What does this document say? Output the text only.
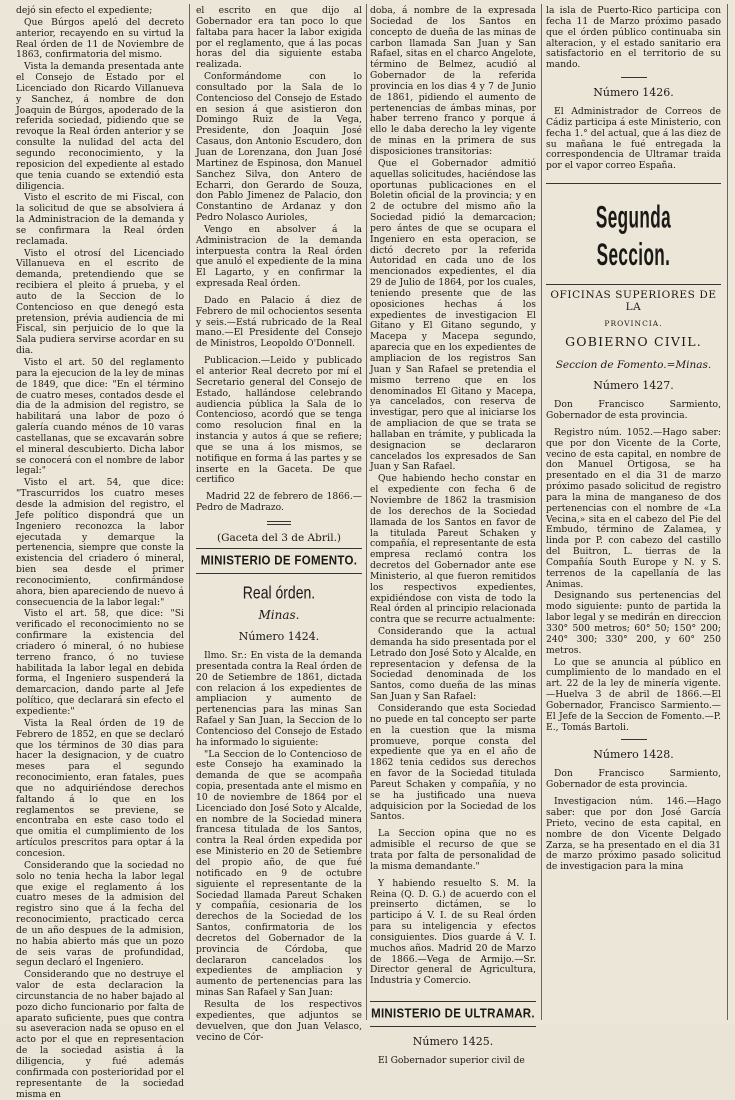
dejó sin efecto el expediente;

Que Búrgos apeló del decreto anterior, recayendo en su virtud la Real órden de 11 de Noviembre de 1863, confirmatoria del mismo.

Vista la demanda presentada ante el Consejo de Estado por el Licenciado don Ricardo Villanueva y Sanchez, á nombre de don Joaquin de Búrgos, apoderado de la referida sociedad, pidiendo que se revoque la Real órden anterior y se consulte la nulidad del acta del segundo reconocimiento, y la reposicion del expediente al estado que tenia cuando se extendió esta diligencia.

Visto el escrito de mi Fiscal, con la solicitud de que se absolviera á la Administracion de la demanda y se confirmara la Real órden reclamada.

Visto el otrosí del Licenciado Villanueva en el escrito de demanda, pretendiendo que se recibiera el pleito á prueba, y el auto de la Seccion de lo Contencioso en que denegó esta pretension, prévia audiencia de mi Fiscal, sin perjuicio de lo que la Sala pudiera servirse acordar en su dia.

Visto el art. 50 del reglamento para la ejecucion de la ley de minas de 1849, que dice: "En el término de cuatro meses, contados desde el dia de la admision del registro, se habilitará una labor de pozo ó galería cuando ménos de 10 varas castellanas, que se excavarán sobre el mineral descubierto. Dicha labor se conocerá con el nombre de labor legal:"

Visto el art. 54, que dice: "Trascurridos los cuatro meses desde la admision del registro, el Jefe político dispondrá que un Ingeniero reconozca la labor ejecutada y demarque la pertenencia, siempre que conste la existencia del criadero ó mineral, bien sea desde el primer reconocimiento, confirmándose ahora, bien apareciendo de nuevo á consecuencia de la labor legal:"

Visto el art. 58, que dice: "Si verificado el reconocimiento no se confirmare la existencia del criadero ó mineral, ó no hubiese terreno franco, ó no tuviese habilitada la labor legal en debida forma, el Ingeniero suspenderá la demarcacion, dando parte al Jefe político, que declarará sin efecto el expediente:"

Vista la Real órden de 19 de Febrero de 1852, en que se declaró que los términos de 30 dias para hacer la designacion, y de cuatro meses para el segundo reconocimiento, eran fatales, pues que no adquiriéndose derechos faltando á lo que en los reglamentos se previene, se encontraba en este caso todo el que omitia el cumplimiento de los artículos prescritos para optar á la concesion.

Considerando que la sociedad no solo no tenia hecha la labor legal que exige el reglamento á los cuatro meses de la admision del registro sino que á la fecha del reconocimiento, practicado cerca de un año despues de la admision, no habia abierto más que un pozo de seis varas de profundidad, segun declaró el Ingeniero.

Considerando que no destruye el valor de esta declaracion la circunstancia de no haber bajado al pozo dicho funcionario por falta de aparato suficiente, pues que contra su aseveracion nada se opuso en el acto por el que en representacion de la sociedad asistia á la diligencia, y fué además confirmada con posterioridad por el representante de la sociedad misma en

el escrito en que dijo al Gobernador era tan poco lo que faltaba para hacer la labor exigida por el reglamento, que á las pocas horas del dia siguiente estaba realizada.

Conformándome con lo consultado por la Sala de lo Contencioso del Consejo de Estado en sesion á que asistieron don Domingo Ruiz de la Vega, Presidente, don Joaquin José Casaus, don Antonio Escudero, don Juan de Lorenzana, don Juan José Martinez de Espinosa, don Manuel Sanchez Silva, don Antero de Echarri, don Gerardo de Souza, don Pablo Jimenez de Palacio, don Constantino de Ardanaz y don Pedro Nolasco Aurioles,

Vengo en absolver á la Administracion de la demanda interpuesta contra la Real órden que anuló el expediente de la mina El Lagarto, y en confirmar la expresada Real órden.

Dado en Palacio á diez de Febrero de mil ochocientos sesenta y seis.—Está rubricado de la Real mano.—El Presidente del Consejo de Ministros, Leopoldo O'Donnell.

Publicacion.—Leido y publicado el anterior Real decreto por mí el Secretario general del Consejo de Estado, hallándose celebrando audiencia pública la Sala de lo Contencioso, acordó que se tenga como resolucion final en la instancia y autos á que se refiere; que se una á los mismos, se notifique en forma á las partes y se inserte en la Gaceta. De que certifico

Madrid 22 de febrero de 1866.—Pedro de Madrazo.

(Gaceta del 3 de Abril.)
MINISTERIO DE FOMENTO.
Real órden.
Minas.
Número 1424.

Ilmo. Sr.: En vista de la demanda presentada contra la Real órden de 20 de Setiembre de 1861, dictada con relacion á los expedientes de ampliacion y aumento de pertenencias para las minas San Rafael y San Juan, la Seccion de lo Contencioso del Consejo de Estado ha informado lo siguiente:

"La Seccion de lo Contencioso de este Consejo ha examinado la demanda de que se acompaña copia, presentada ante el mismo en 10 de noviembre de 1864 por el Licenciado don José Soto y Alcalde, en nombre de la Sociedad minera francesa titulada de los Santos, contra la Real órden expedida por ese Ministerio en 20 de Setiembre del propio año, de que fué notificado en 9 de octubre siguiente el representante de la Sociedad llamada Pareut Schaken y compañía, cesionaria de los derechos de la Sociedad de los Santos, confirmatoria de los decretos del Gobernador de la provincia de Córdoba, que declararon cancelados los expedientes de ampliacion y aumento de pertenencias para las minas San Rafael y San Juan:

Resulta de los respectivos expedientes, que adjuntos se devuelven, que don Juan Velasco, vecino de Cór-

doba, á nombre de la expresada Sociedad de los Santos en concepto de dueña de las minas de carbon llamada San Juan y San Rafael, sitas en el charco Angelote, término de Belmez, acudió al Gobernador de la referida provincia en los dias 4 y 7 de Junio de 1861, pidiendo el aumento de pertenencias de ámbas minas, por haber terreno franco y porque á ello le daba derecho la ley vigente de minas en la primera de sus disposiciones transitorias:

Que el Gobernador admitió aquellas solicitudes, haciéndose las oportunas publicaciones en el Boletin oficial de la provincia; y en 2 de octubre del mismo año la Sociedad pidió la demarcacion; pero ántes de que se ocupara el Ingeniero en esta operacion, se dictó decreto por la referida Autoridad en cada uno de los mencionados expedientes, el dia 29 de Julio de 1864, por los cuales, teniendo presente que de las oposiciones hechas á los expedientes de investigacion El Gitano y El Gitano segundo, y Macepa y Macepa segundo, aparecia que en los expedientes de ampliacion de los registros San Juan y San Rafael se pretendia el mismo terreno que en los denominados El Gitano y Macepa, ya cancelados, con reserva de investigar, pero que al iniciarse los de ampliacion de que se trata se hallaban en trámite, y publicada la designacion se declararon cancelados los expresados de San Juan y San Rafael.

Que habiendo hecho constar en el expediente con fecha 6 de Noviembre de 1862 la trasmision de los derechos de la Sociedad llamada de los Santos en favor de la titulada Pareut Schaken y compañía, el representante de esta empresa reclamó contra los decretos del Gobernador ante ese Ministerio, al que fueron remitidos los respectivos expedientes, expidiéndose con vista de todo la Real órden al principio relacionada contra que se recurre actualmente:

Considerando que la actual demanda ha sido presentada por el Letrado don José Soto y Alcalde, en representacion y defensa de la Sociedad denominada de los Santos, como dueña de las minas San Juan y San Rafael:

Considerando que esta Sociedad no puede en tal concepto ser parte en la cuestion que la misma promueve, porque consta del expediente que ya en el año de 1862 tenia cedidos sus derechos en favor de la Sociedad titulada Pareut Schaken y compañía, y no se ha justificado una nueva adquisicion por la Sociedad de los Santos.

La Seccion opina que no es admisible el recurso de que se trata por falta de personalidad de la misma demandante."

Y habiendo resuelto S. M. la Reina (Q. D. G.) de acuerdo con el preinserto dictámen, se lo participo á V. I. de su Real órden para su inteligencia y efectos consiguientes. Dios guarde á V. I. muchos años. Madrid 20 de Marzo de 1866.—Vega de Armijo.—Sr. Director general de Agricultura, Industria y Comercio.

MINISTERIO DE ULTRAMAR.
Número 1425.

El Gobernador superior civil de

la isla de Puerto-Rico participa con fecha 11 de Marzo próximo pasado que el órden público continuaba sin alteracion, y el estado sanitario era satisfactorio en el territorio de su mando.

Número 1426.

El Administrador de Correos de Cádiz participa á este Ministerio, con fecha 1.° del actual, que á las diez de su mañana le fué entregada la correspondencia de Ultramar traida por el vapor correo España.

Segunda Seccion.
OFICINAS SUPERIORES DE LA
PROVINCIA.
GOBIERNO CIVIL.
Seccion de Fomento.=Minas.
Número 1427.

Don Francisco Sarmiento, Gobernador de esta provincia.

Registro núm. 1052.—Hago saber: que por don Vicente de la Corte, vecino de esta capital, en nombre de don Manuel Ortigosa, se ha presentado en el dia 31 de marzo próximo pasado solicitud de registro para la mina de manganeso de dos pertenencias con el nombre de «La Vecina,» sita en el cabezo del Pie del Embudo, término de Zalamea, y linda por P. con cabezo del castillo del Buitron, L. tierras de la Compañía South Europe y N. y S. terrenos de la capellanía de las Animas.

Designando sus pertenencias del modo siguiente: punto de partida la labor legal y se medirán en direccion 330° 500 metros; 60° 50; 150° 200; 240° 300; 330° 200, y 60° 250 metros.

Lo que se anuncia al público en cumplimiento de lo mandado en el art. 22 de la ley de minería vigente.—Huelva 3 de abril de 1866.—El Gobernador, Francisco Sarmiento.—El Jefe de la Seccion de Fomento.—P. E., Tomás Bartoli.

Número 1428.

Don Francisco Sarmiento, Gobernador de esta provincia.

Investigacion núm. 146.—Hago saber: que por don José García Prieto, vecino de esta capital, en nombre de don Vicente Delgado Zarza, se ha presentado en el dia 31 de marzo próximo pasado solicitud de investigacion para la mina
